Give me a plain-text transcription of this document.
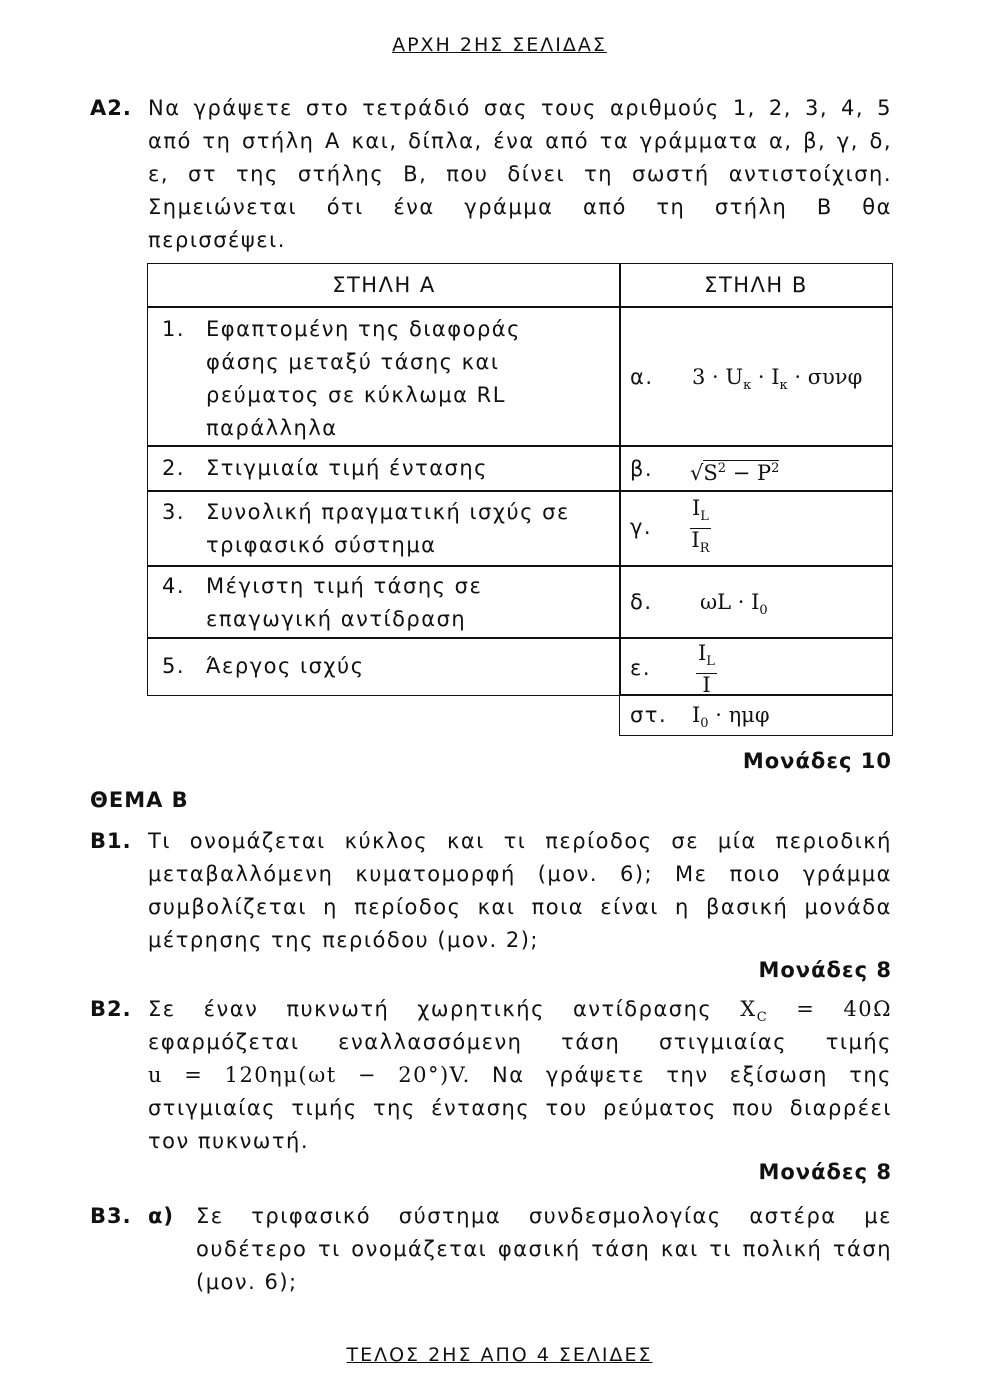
ΑΡΧΗ 2ΗΣ ΣΕΛΙΔΑΣ
Α2. Να γράψετε στο τετράδιό σας τους αριθμούς 1, 2, 3, 4, 5
από τη στήλη Α και, δίπλα, ένα από τα γράμματα α, β, γ, δ,
ε, στ της στήλης Β, που δίνει τη σωστή αντιστοίχιση.
Σημειώνεται ότι ένα γράμμα από τη στήλη Β θα
περισσέψει.
ΣΤΗΛΗ Α	ΣΤΗΛΗ Β
1. Εφαπτομένη της διαφοράς
φάσης μεταξύ τάσης και
ρεύματος σε κύκλωμα RL
παράλληλα
2. Στιγμιαία τιμή έντασης
3. Συνολική πραγματική ισχύς σε
τριφασικό σύστημα
4. Μέγιστη τιμή τάσης σε
επαγωγική αντίδραση
5. Άεργος ισχύς
α. $3 \cdot U_\kappa \cdot I_\kappa \cdot \sigma\upsilon\nu\varphi$
β. $√S^2 - P^2$
γ. $\frac{I_L}{I_R}$
δ. $\omega L \cdot I_0$
ε. $\frac{I_L}{I}$
στ. $I_0 \cdot \eta\mu\varphi$
Μονάδες 10
ΘΕΜΑ Β
Β1. Τι ονομάζεται κύκλος και τι περίοδος σε μία περιοδική
μεταβαλλόμενη κυματομορφή (μον. 6); Με ποιο γράμμα
συμβολίζεται η περίοδος και ποια είναι η βασική μονάδα
μέτρησης της περιόδου (μον. 2);
Μονάδες 8
Β2. Σε έναν πυκνωτή χωρητικής αντίδρασης $X_C = 40\Omega$
εφαρμόζεται εναλλασσόμενη τάση στιγμιαίας τιμής
u = 120ημ(ωt − 20°)V. Να γράψετε την εξίσωση της
στιγμιαίας τιμής της έντασης του ρεύματος που διαρρέει
τον πυκνωτή.
Μονάδες 8
Β3. α) Σε τριφασικό σύστημα συνδεσμολογίας αστέρα με
ουδέτερο τι ονομάζεται φασική τάση και τι πολική τάση
(μον. 6);
ΤΕΛΟΣ 2ΗΣ ΑΠΟ 4 ΣΕΛΙΔΕΣ
